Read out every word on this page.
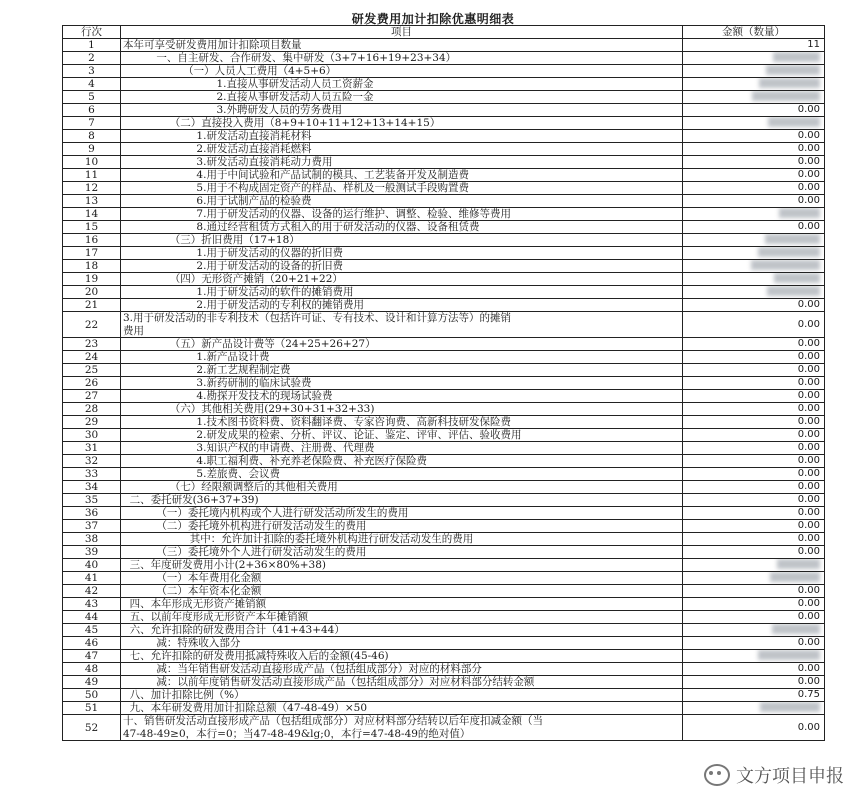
研发费用加计扣除优惠明细表
行次	项目	金额（数量）
1	本年可享受研发费用加计扣除项目数量	11
2	一、自主研发、合作研发、集中研发（3+7+16+19+23+34）	
3	（一）人员人工费用（4+5+6）	
4	1.直接从事研发活动人员工资薪金	
5	2.直接从事研发活动人员五险一金	
6	3.外聘研发人员的劳务费用	0.00
7	（二）直接投入费用（8+9+10+11+12+13+14+15）	
8	1.研发活动直接消耗材料	0.00
9	2.研发活动直接消耗燃料	0.00
10	3.研发活动直接消耗动力费用	0.00
11	4.用于中间试验和产品试制的模具、工艺装备开发及制造费	0.00
12	5.用于不构成固定资产的样品、样机及一般测试手段购置费	0.00
13	6.用于试制产品的检验费	0.00
14	7.用于研发活动的仪器、设备的运行维护、调整、检验、维修等费用	
15	8.通过经营租赁方式租入的用于研发活动的仪器、设备租赁费	0.00
16	（三）折旧费用（17+18）	
17	1.用于研发活动的仪器的折旧费	
18	2.用于研发活动的设备的折旧费	
19	（四）无形资产摊销（20+21+22）	
20	1.用于研发活动的软件的摊销费用	
21	2.用于研发活动的专利权的摊销费用	0.00
22	3.用于研发活动的非专利技术（包括许可证、专有技术、设计和计算方法等）的摊销
费用	0.00
23	（五）新产品设计费等（24+25+26+27）	0.00
24	1.新产品设计费	0.00
25	2.新工艺规程制定费	0.00
26	3.新药研制的临床试验费	0.00
27	4.勘探开发技术的现场试验费	0.00
28	（六）其他相关费用(29+30+31+32+33)	0.00
29	1.技术图书资料费、资料翻译费、专家咨询费、高新科技研发保险费	0.00
30	2.研发成果的检索、分析、评议、论证、鉴定、评审、评估、验收费用	0.00
31	3.知识产权的申请费、注册费、代理费	0.00
32	4.职工福利费、补充养老保险费、补充医疗保险费	0.00
33	5.差旅费、会议费	0.00
34	（七）经限额调整后的其他相关费用	0.00
35	二、委托研发(36+37+39)	0.00
36	（一）委托境内机构或个人进行研发活动所发生的费用	0.00
37	（二）委托境外机构进行研发活动发生的费用	0.00
38	其中：允许加计扣除的委托境外机构进行研发活动发生的费用	0.00
39	（三）委托境外个人进行研发活动发生的费用	0.00
40	三、年度研发费用小计(2+36×80%+38)	
41	（一）本年费用化金额	
42	（二）本年资本化金额	0.00
43	四、本年形成无形资产摊销额	0.00
44	五、以前年度形成无形资产本年摊销额	0.00
45	六、允许扣除的研发费用合计（41+43+44）	
46	减：特殊收入部分	0.00
47	七、允许扣除的研发费用抵减特殊收入后的金额(45-46)	
48	减：当年销售研发活动直接形成产品（包括组成部分）对应的材料部分	0.00
49	减：以前年度销售研发活动直接形成产品（包括组成部分）对应材料部分结转金额	0.00
50	八、加计扣除比例（%）	0.75
51	九、本年研发费用加计扣除总额（47-48-49）×50	
52	十、销售研发活动直接形成产品（包括组成部分）对应材料部分结转以后年度扣减金额（当
47-48-49≥0，本行=0；当47-48-49&lg;0，本行=47-48-49的绝对值）	0.00
文方项目申报
